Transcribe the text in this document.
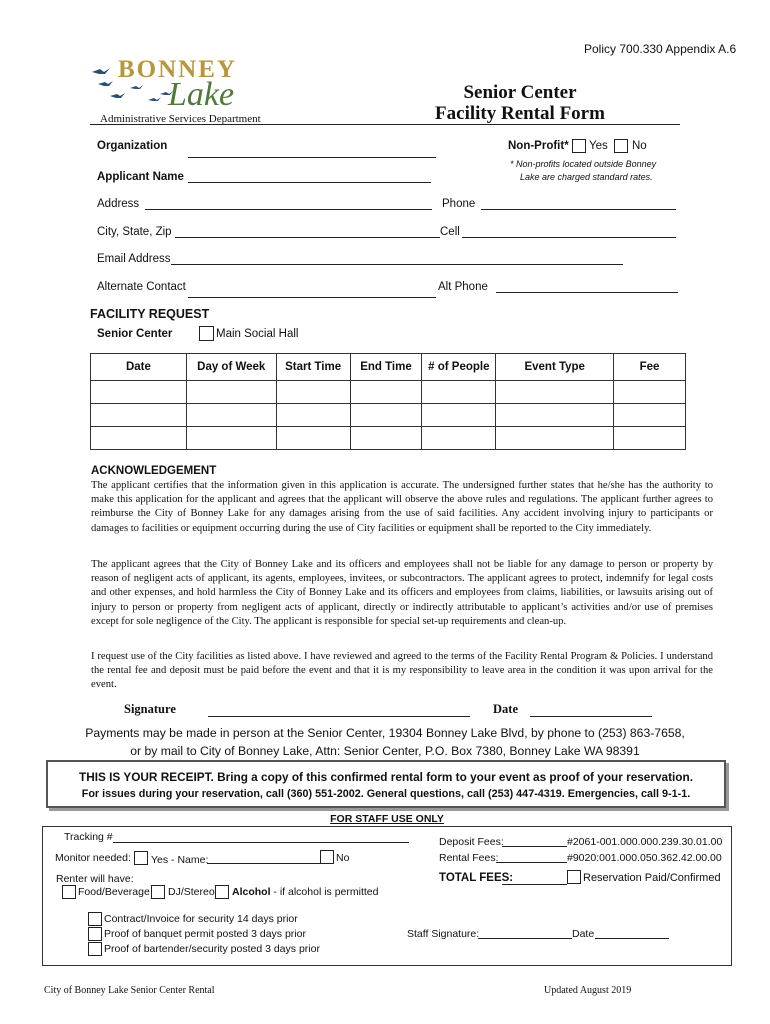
Policy 700.330 Appendix A.6
BONNEY
Lake
Administrative Services Department
Senior Center
Facility Rental Form
Organization	Non-Profit* Yes No
* Non-profits located outside Bonney
Lake are charged standard rates.
Applicant Name
Address	Phone
City, State, Zip	Cell
Email Address
Alternate Contact	Alt Phone
FACILITY REQUEST
Senior Center	Main Social Hall
Date	Day of Week	Start Time	End Time	# of People	Event Type	Fee

ACKNOWLEDGEMENT
The applicant certifies that the information given in this application is accurate. The undersigned further states that he/she has the authority to make this application for the applicant and agrees that the applicant will observe the above rules and regulations. The applicant further agrees to reimburse the City of Bonney Lake for any damages arising from the use of said facilities. Any accident involving injury to participants or damages to facilities or equipment occurring during the use of City facilities or equipment shall be reported to the City immediately.
The applicant agrees that the City of Bonney Lake and its officers and employees shall not be liable for any damage to person or property by reason of negligent acts of applicant, its agents, employees, invitees, or subcontractors. The applicant agrees to protect, indemnify for legal costs and other expenses, and hold harmless the City of Bonney Lake and its officers and employees from claims, liabilities, or lawsuits arising out of injury to person or property from negligent acts of applicant, directly or indirectly attributable to applicant’s activities and/or use of premises except for sole negligence of the City. The applicant is responsible for special set-up requirements and clean-up.
I request use of the City facilities as listed above. I have reviewed and agreed to the terms of the Facility Rental Program & Policies. I understand the rental fee and deposit must be paid before the event and that it is my responsibility to leave area in the condition it was upon arrival for the event.
Signature	Date
Payments may be made in person at the Senior Center, 19304 Bonney Lake Blvd, by phone to (253) 863-7658,
or by mail to City of Bonney Lake, Attn: Senior Center, P.O. Box 7380, Bonney Lake WA 98391
THIS IS YOUR RECEIPT. Bring a copy of this confirmed rental form to your event as proof of your reservation.
For issues during your reservation, call (360) 551-2002. General questions, call (253) 447-4319. Emergencies, call 9-1-1.
FOR STAFF USE ONLY
Tracking #
Monitor needed: Yes - Name:	No
Renter will have:
Food/Beverage DJ/Stereo Alcohol - if alcohol is permitted
Deposit Fees:	#2061-001.000.000.239.30.01.00
Rental Fees:	#9020:001.000.050.362.42.00.00
TOTAL FEES:	Reservation Paid/Confirmed
Contract/Invoice for security 14 days prior
Proof of banquet permit posted 3 days prior
Proof of bartender/security posted 3 days prior
Staff Signature:	Date
City of Bonney Lake Senior Center Rental	Updated August 2019
